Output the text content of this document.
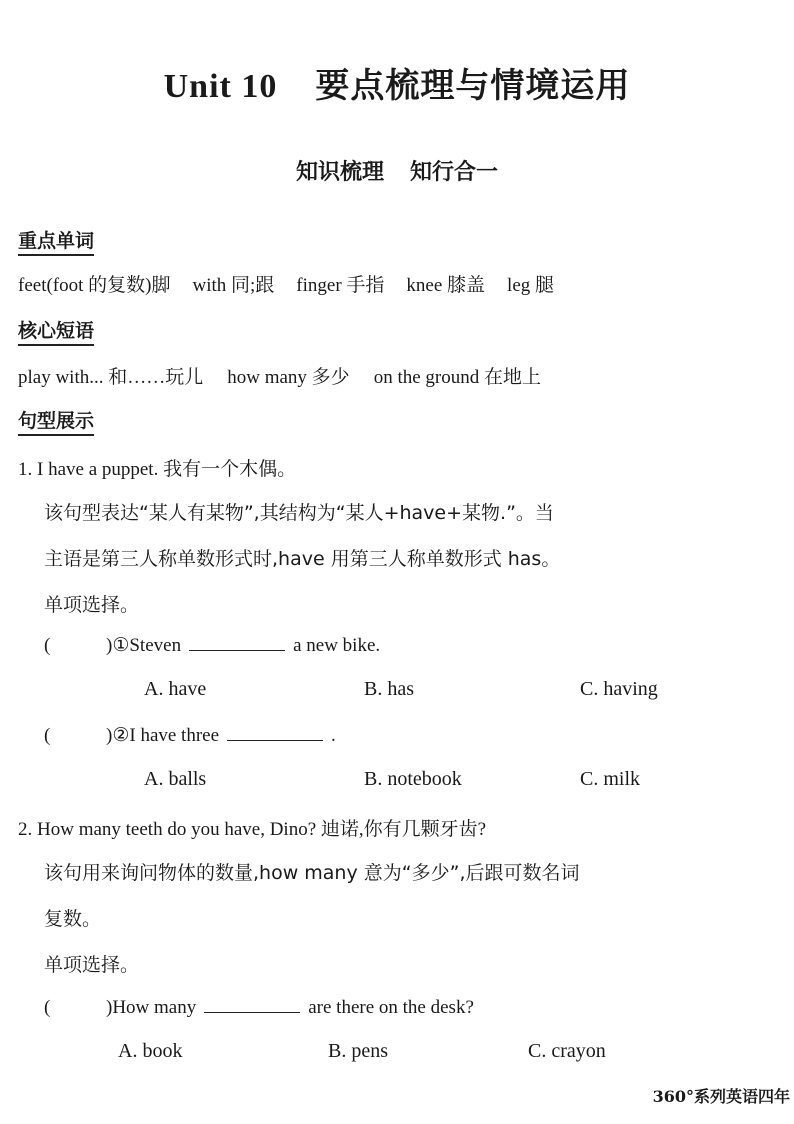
Unit 10 要点梳理与情境运用
知识梳理 知行合一
重点单词
feet(foot 的复数)脚 with 同;跟 finger 手指 knee 膝盖 leg 腿
核心短语
play with... 和……玩儿 how many 多少 on the ground 在地上
句型展示
1. I have a puppet. 我有一个木偶。
该句型表达“某人有某物”,其结构为“某人+have+某物.”。当
主语是第三人称单数形式时,have 用第三人称单数形式 has。
单项选择。
(	)①Steven	a new bike.
A. have	B. has	C. having
(	)②I have three	.
A. balls	B. notebook	C. milk
2. How many teeth do you have, Dino? 迪诺,你有几颗牙齿?
该句用来询问物体的数量,how many 意为“多少”,后跟可数名词
复数。
单项选择。
(	)How many	are there on the desk?
A. book	B. pens	C. crayon
360°系列英语四年
